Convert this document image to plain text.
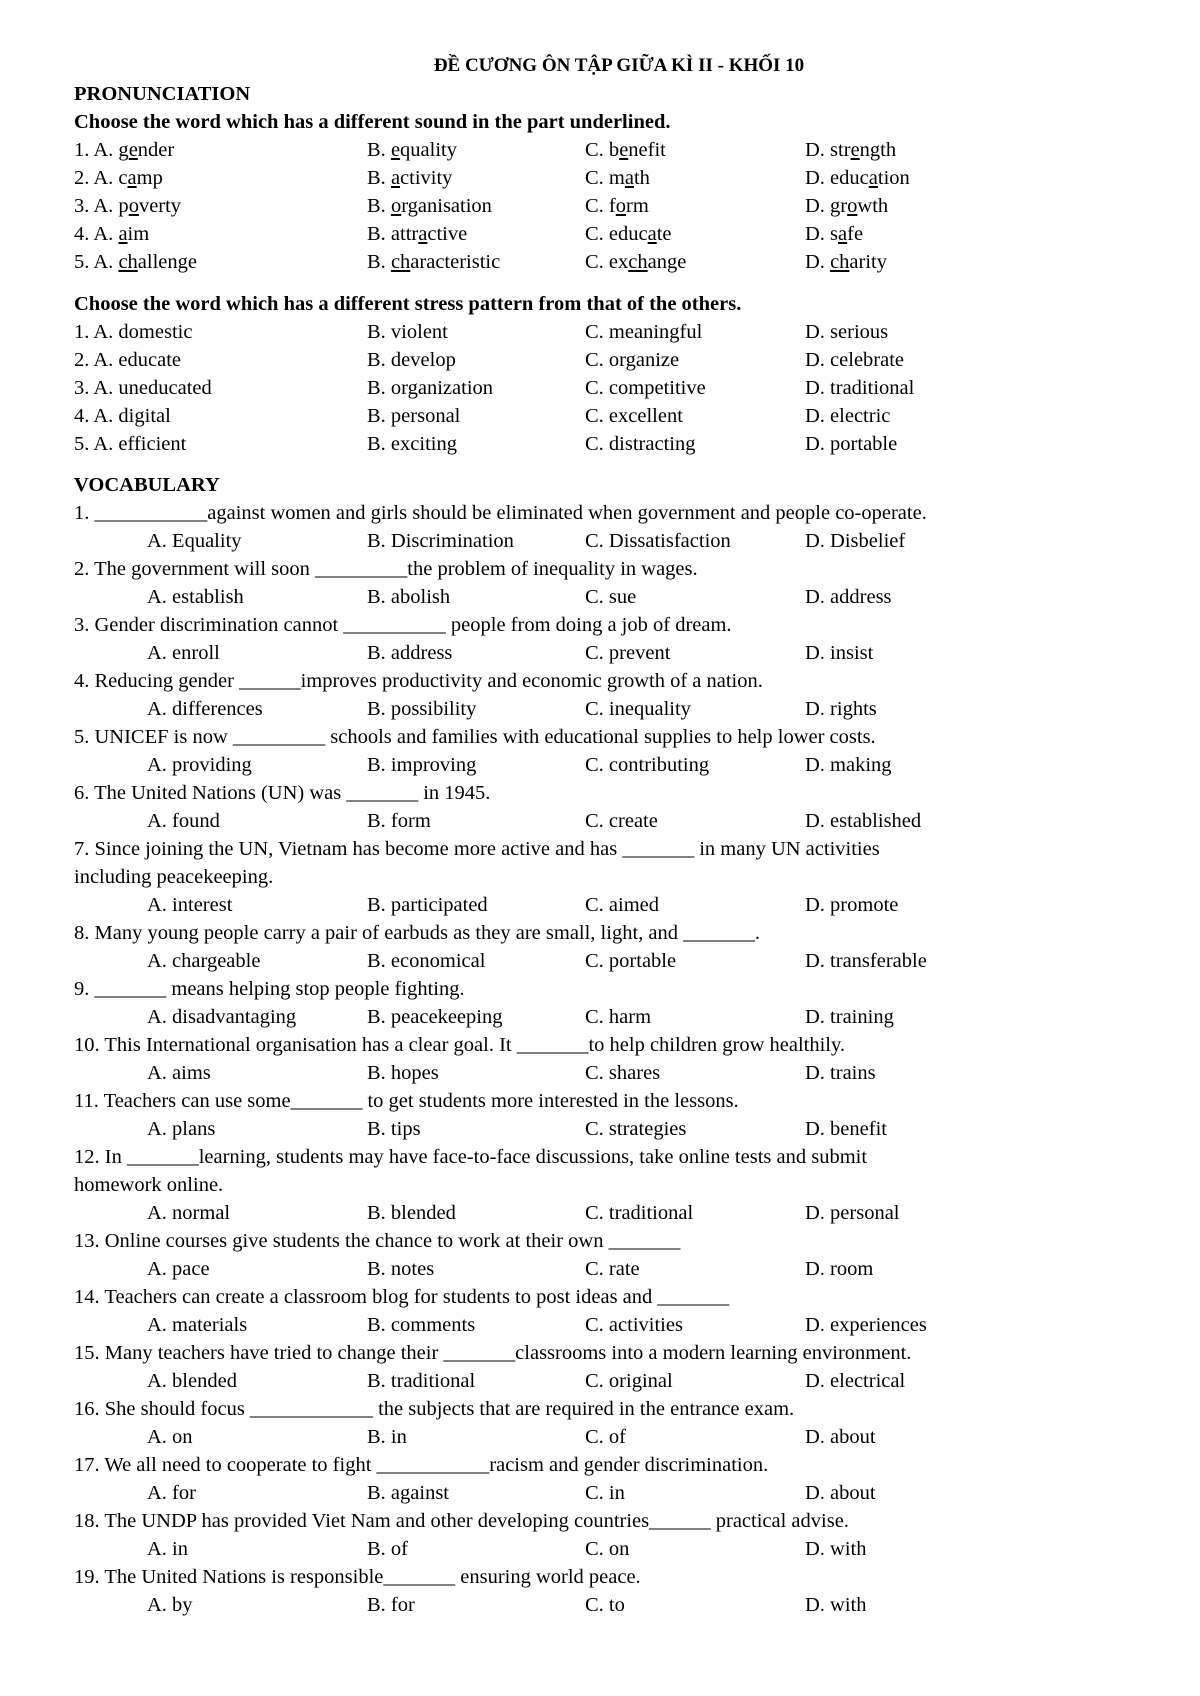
ĐỀ CƯƠNG ÔN TẬP GIỮA KÌ II - KHỐI 10
PRONUNCIATION
Choose the word which has a different sound in the part underlined.
1. A. gender	B. equality	C. benefit	D. strength
2. A. camp	B. activity	C. math	D. education
3. A. poverty	B. organisation	C. form	D. growth
4. A. aim	B. attractive	C. educate	D. safe
5. A. challenge	B. characteristic	C. exchange	D. charity
Choose the word which has a different stress pattern from that of the others.
1. A. domestic	B. violent	C. meaningful	D. serious
2. A. educate	B. develop	C. organize	D. celebrate
3. A. uneducated	B. organization	C. competitive	D. traditional
4. A. digital	B. personal	C. excellent	D. electric
5. A. efficient	B. exciting	C. distracting	D. portable
VOCABULARY
1. ___________against women and girls should be eliminated when government and people co-operate.
A. Equality	B. Discrimination	C. Dissatisfaction	D. Disbelief
2. The government will soon _________the problem of inequality in wages.
A. establish	B. abolish	C. sue	D. address
3. Gender discrimination cannot __________ people from doing a job of dream.
A. enroll	B. address	C. prevent	D. insist
4. Reducing gender ______improves productivity and economic growth of a nation.
A. differences	B. possibility	C. inequality	D. rights
5. UNICEF is now _________ schools and families with educational supplies to help lower costs.
A. providing	B. improving	C. contributing	D. making
6. The United Nations (UN) was _______ in 1945.
A. found	B. form	C. create	D. established
7. Since joining the UN, Vietnam has become more active and has _______ in many UN activities
including peacekeeping.
A. interest	B. participated	C. aimed	D. promote
8. Many young people carry a pair of earbuds as they are small, light, and _______.
A. chargeable	B. economical	C. portable	D. transferable
9. _______ means helping stop people fighting.
A. disadvantaging	B. peacekeeping	C. harm	D. training
10. This International organisation has a clear goal. It _______to help children grow healthily.
A. aims	B. hopes	C. shares	D. trains
11. Teachers can use some_______ to get students more interested in the lessons.
A. plans	B. tips	C. strategies	D. benefit
12. In _______learning, students may have face-to-face discussions, take online tests and submit
homework online.
A. normal	B. blended	C. traditional	D. personal
13. Online courses give students the chance to work at their own _______
A. pace	B. notes	C. rate	D. room
14. Teachers can create a classroom blog for students to post ideas and _______
A. materials	B. comments	C. activities	D. experiences
15. Many teachers have tried to change their _______classrooms into a modern learning environment.
A. blended	B. traditional	C. original	D. electrical
16. She should focus ____________ the subjects that are required in the entrance exam.
A. on	B. in	C. of	D. about
17. We all need to cooperate to fight ___________racism and gender discrimination.
A. for	B. against	C. in	D. about
18. The UNDP has provided Viet Nam and other developing countries______ practical advise.
A. in	B. of	C. on	D. with
19. The United Nations is responsible_______ ensuring world peace.
A. by	B. for	C. to	D. with
